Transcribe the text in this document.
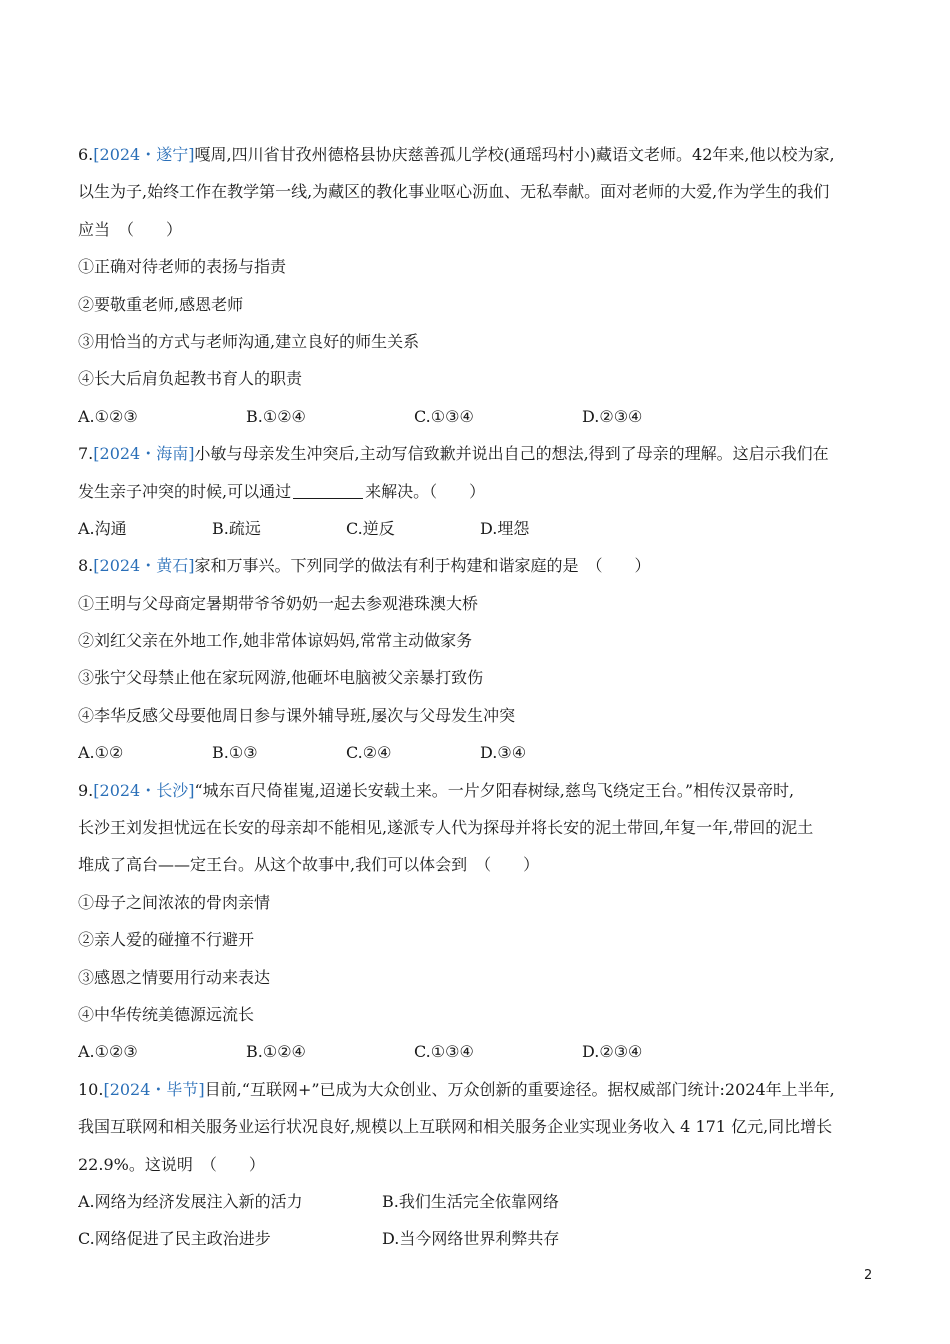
6.[2024・遂宁]嘎周,四川省甘孜州德格县协庆慈善孤儿学校(通瑶玛村小)藏语文老师。42年来,他以校为家,
以生为子,始终工作在教学第一线,为藏区的教化事业呕心沥血、无私奉献。面对老师的大爱,作为学生的我们
应当　（　　）
①正确对待老师的表扬与指责
②要敬重老师,感恩老师
③用恰当的方式与老师沟通,建立良好的师生关系
④长大后肩负起教书育人的职责
A.①②③	B.①②④	C.①③④	D.②③④
7.[2024・海南]小敏与母亲发生冲突后,主动写信致歉并说出自己的想法,得到了母亲的理解。这启示我们在
发生亲子冲突的时候,可以通过	来解决。（　　）
A.沟通	B.疏远	C.逆反	D.埋怨
8.[2024・黄石]家和万事兴。下列同学的做法有利于构建和谐家庭的是　（　　）
①王明与父母商定暑期带爷爷奶奶一起去参观港珠澳大桥
②刘红父亲在外地工作,她非常体谅妈妈,常常主动做家务
③张宁父母禁止他在家玩网游,他砸坏电脑被父亲暴打致伤
④李华反感父母要他周日参与课外辅导班,屡次与父母发生冲突
A.①②	B.①③	C.②④	D.③④
9.[2024・长沙]“城东百尺倚崔嵬,迢递长安载土来。一片夕阳春树绿,慈鸟飞绕定王台。”相传汉景帝时,
长沙王刘发担忧远在长安的母亲却不能相见,遂派专人代为探母并将长安的泥土带回,年复一年,带回的泥土
堆成了高台——定王台。从这个故事中,我们可以体会到　（　　）
①母子之间浓浓的骨肉亲情
②亲人爱的碰撞不行避开
③感恩之情要用行动来表达
④中华传统美德源远流长
A.①②③	B.①②④	C.①③④	D.②③④
10.[2024・毕节]目前,“互联网+”已成为大众创业、万众创新的重要途径。据权威部门统计:2024年上半年,
我国互联网和相关服务业运行状况良好,规模以上互联网和相关服务企业实现业务收入 4 171 亿元,同比增长
22.9%。这说明　（　　）
A.网络为经济发展注入新的活力	B.我们生活完全依靠网络
C.网络促进了民主政治进步	D.当今网络世界利弊共存
2
